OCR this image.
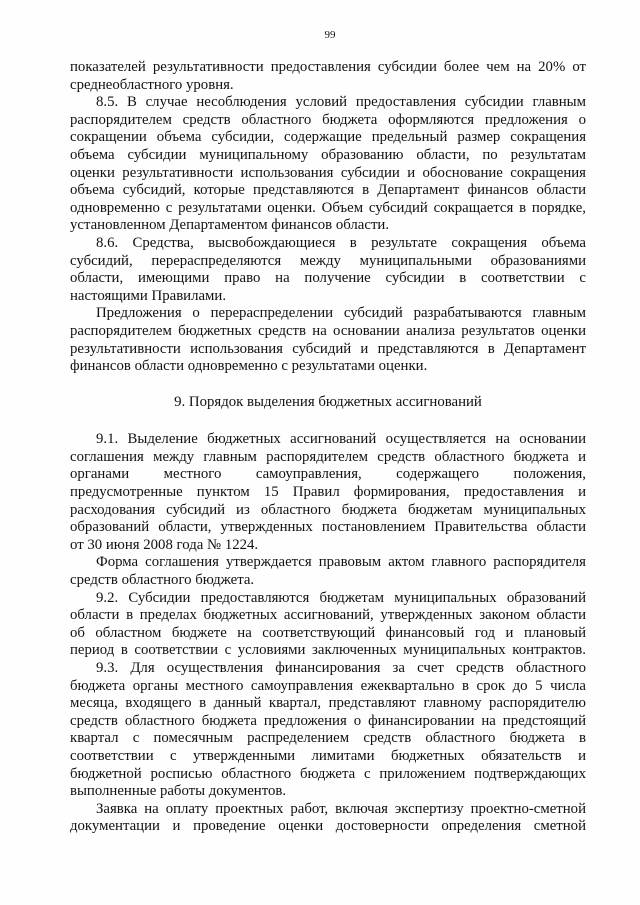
99
показателей результативности предоставления субсидии более чем на 20% от
среднеобластного уровня.
8.5. В случае несоблюдения условий предоставления субсидии главным
распорядителем средств областного бюджета оформляются предложения о
сокращении объема субсидии, содержащие предельный размер сокращения
объема субсидии муниципальному образованию области, по результатам
оценки результативности использования субсидии и обоснование сокращения
объема субсидий, которые представляются в Департамент финансов области
одновременно с результатами оценки. Объем субсидий сокращается в порядке,
установленном Департаментом финансов области.
8.6. Средства, высвобождающиеся в результате сокращения объема
субсидий, перераспределяются между муниципальными образованиями
области, имеющими право на получение субсидии в соответствии с
настоящими Правилами.
Предложения о перераспределении субсидий разрабатываются главным
распорядителем бюджетных средств на основании анализа результатов оценки
результативности использования субсидий и представляются в Департамент
финансов области одновременно с результатами оценки.
9. Порядок выделения бюджетных ассигнований
9.1. Выделение бюджетных ассигнований осуществляется на основании
соглашения между главным распорядителем средств областного бюджета и
органами местного самоуправления, содержащего положения,
предусмотренные пунктом 15 Правил формирования, предоставления и
расходования субсидий из областного бюджета бюджетам муниципальных
образований области, утвержденных постановлением Правительства области
от 30 июня 2008 года № 1224.
Форма соглашения утверждается правовым актом главного распорядителя
средств областного бюджета.
9.2. Субсидии предоставляются бюджетам муниципальных образований
области в пределах бюджетных ассигнований, утвержденных законом области
об областном бюджете на соответствующий финансовый год и плановый
период в соответствии с условиями заключенных муниципальных контрактов.
9.3. Для осуществления финансирования за счет средств областного
бюджета органы местного самоуправления ежеквартально в срок до 5 числа
месяца, входящего в данный квартал, представляют главному распорядителю
средств областного бюджета предложения о финансировании на предстоящий
квартал с помесячным распределением средств областного бюджета в
соответствии с утвержденными лимитами бюджетных обязательств и
бюджетной росписью областного бюджета с приложением подтверждающих
выполненные работы документов.
Заявка на оплату проектных работ, включая экспертизу проектно-сметной
документации и проведение оценки достоверности определения сметной
